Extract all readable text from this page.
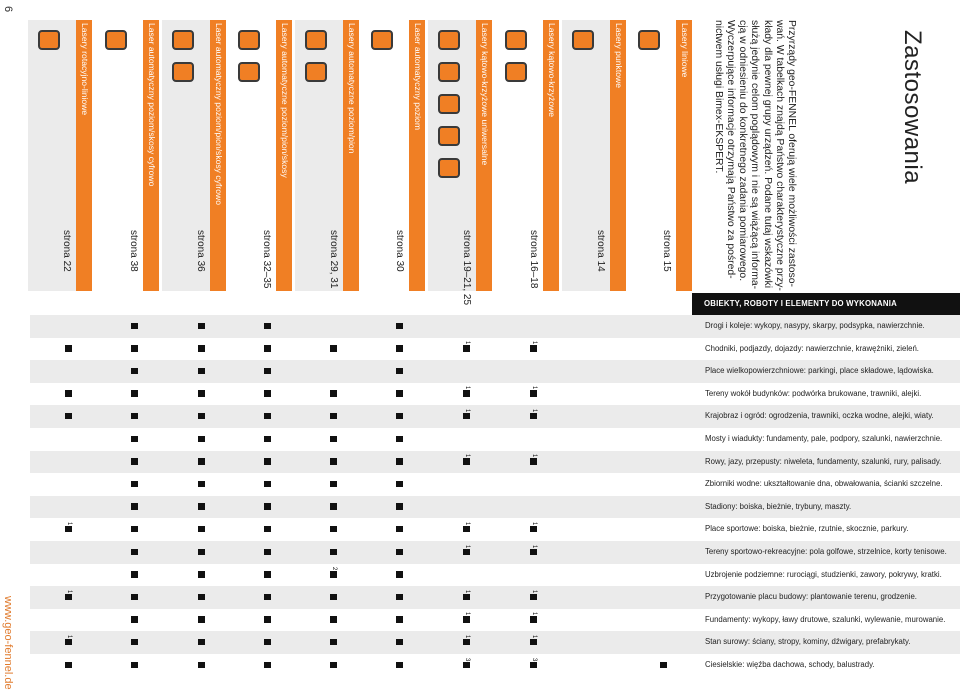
6
www.geo-fennel.de
Zastosowania

Przyrządy geo-FENNEL oferują wiele możliwości zastoso-

wań. W tabelkach znajdą Państwo charakterystyczne przy-

kłady dla pewnej grupy urządzeń. Podane tutaj wskazówki

służą jedynie celom poglądowym i nie są wiążącą informa-

cją w odniesieniu do konkretnego zadania pomiarowego.

Wyczerpujące informacje otrzymają Państwo za pośred-

nictwem usługi Bimex-EKSPERT.

Lasery liniowe
strona 15
Lasery punktowe
strona 14
Lasery kątowo-krzyżowe
strona 16–18
Lasery kątowo-krzyżowe uniwersalne
strona 19–21, 25
Laser automatyczny poziom
strona 30
Lasery automatyczne poziom/pion
strona 29, 31
Lasery automatyczne poziom/pion/skosy
strona 32–35
Laser automatyczny poziom/pion/skosy cyfrowo
strona 36
Laser automatyczny poziom/skosy cyfrowo
strona 38
Lasery rotacyjno-liniowe
strona 22
OBIEKTY, ROBOTY I ELEMENTY DO WYKONANIA
Drogi i koleje: wykopy, nasypy, skarpy, podsypka, nawierzchnie.
Chodniki, podjazdy, dojazdy: nawierzchnie, krawężniki, zieleń.
1
1
Place wielkopowierzchniowe: parkingi, place składowe, lądowiska.
Tereny wokół budynków: podwórka brukowane, trawniki, alejki.
1
1
Krajobraz i ogród: ogrodzenia, trawniki, oczka wodne, alejki, wiaty.
1
1
Mosty i wiadukty: fundamenty, pale, podpory, szalunki, nawierzchnie.
Rowy, jazy, przepusty: niweleta, fundamenty, szalunki, rury, palisady.
1
1
Zbiorniki wodne: ukształtowanie dna, obwałowania, ścianki szczelne.
Stadiony: boiska, bieżnie, trybuny, maszty.
Place sportowe: boiska, bieżnie, rzutnie, skocznie, parkury.
1
1
1
Tereny sportowo-rekreacyjne: pola golfowe, strzelnice, korty tenisowe.
1
1
Uzbrojenie podziemne: rurociągi, studzienki, zawory, pokrywy, kratki.
2
Przygotowanie placu budowy: plantowanie terenu, grodzenie.
1
1
1
Fundamenty: wykopy, ławy drutowe, szalunki, wylewanie, murowanie.
1
1
Stan surowy: ściany, stropy, kominy, dźwigary, prefabrykaty.
1
1
1
Ciesielskie: więźba dachowa, schody, balustrady.
3
3
